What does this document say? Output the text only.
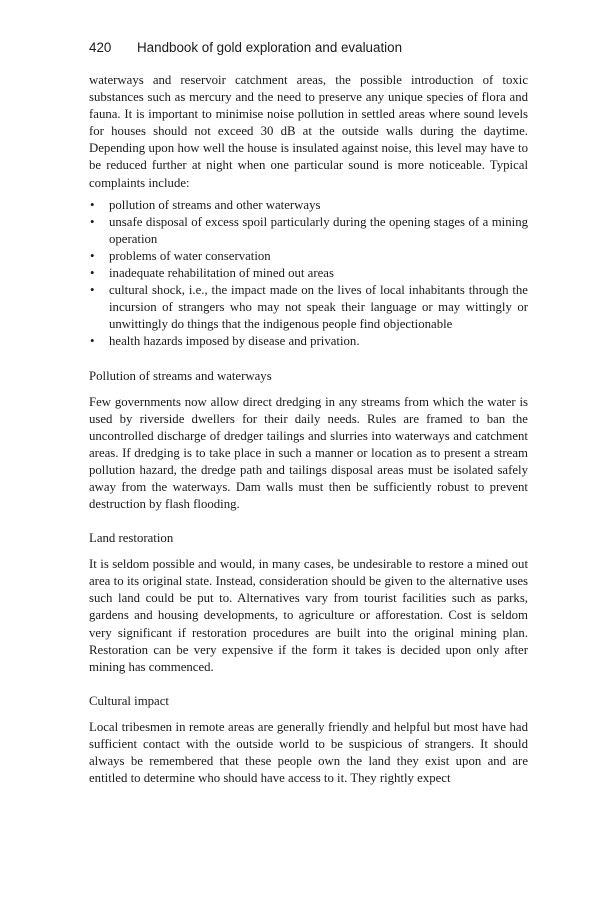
420 Handbook of gold exploration and evaluation

waterways and reservoir catchment areas, the possible introduction of toxic substances such as mercury and the need to preserve any unique species of flora and fauna. It is important to minimise noise pollution in settled areas where sound levels for houses should not exceed 30 dB at the outside walls during the daytime. Depending upon how well the house is insulated against noise, this level may have to be reduced further at night when one particular sound is more noticeable. Typical complaints include:

• pollution of streams and other waterways
• unsafe disposal of excess spoil particularly during the opening stages of a mining operation
• problems of water conservation
• inadequate rehabilitation of mined out areas
• cultural shock, i.e., the impact made on the lives of local inhabitants through the incursion of strangers who may not speak their language or may wittingly or unwittingly do things that the indigenous people find objectionable
• health hazards imposed by disease and privation.
Pollution of streams and waterways

Few governments now allow direct dredging in any streams from which the water is used by riverside dwellers for their daily needs. Rules are framed to ban the uncontrolled discharge of dredger tailings and slurries into waterways and catchment areas. If dredging is to take place in such a manner or location as to present a stream pollution hazard, the dredge path and tailings disposal areas must be isolated safely away from the waterways. Dam walls must then be sufficiently robust to prevent destruction by flash flooding.

Land restoration

It is seldom possible and would, in many cases, be undesirable to restore a mined out area to its original state. Instead, consideration should be given to the alternative uses such land could be put to. Alternatives vary from tourist facilities such as parks, gardens and housing developments, to agriculture or afforestation. Cost is seldom very significant if restoration procedures are built into the original mining plan. Restoration can be very expensive if the form it takes is decided upon only after mining has commenced.

Cultural impact

Local tribesmen in remote areas are generally friendly and helpful but most have had sufficient contact with the outside world to be suspicious of strangers. It should always be remembered that these people own the land they exist upon and are entitled to determine who should have access to it. They rightly expect
